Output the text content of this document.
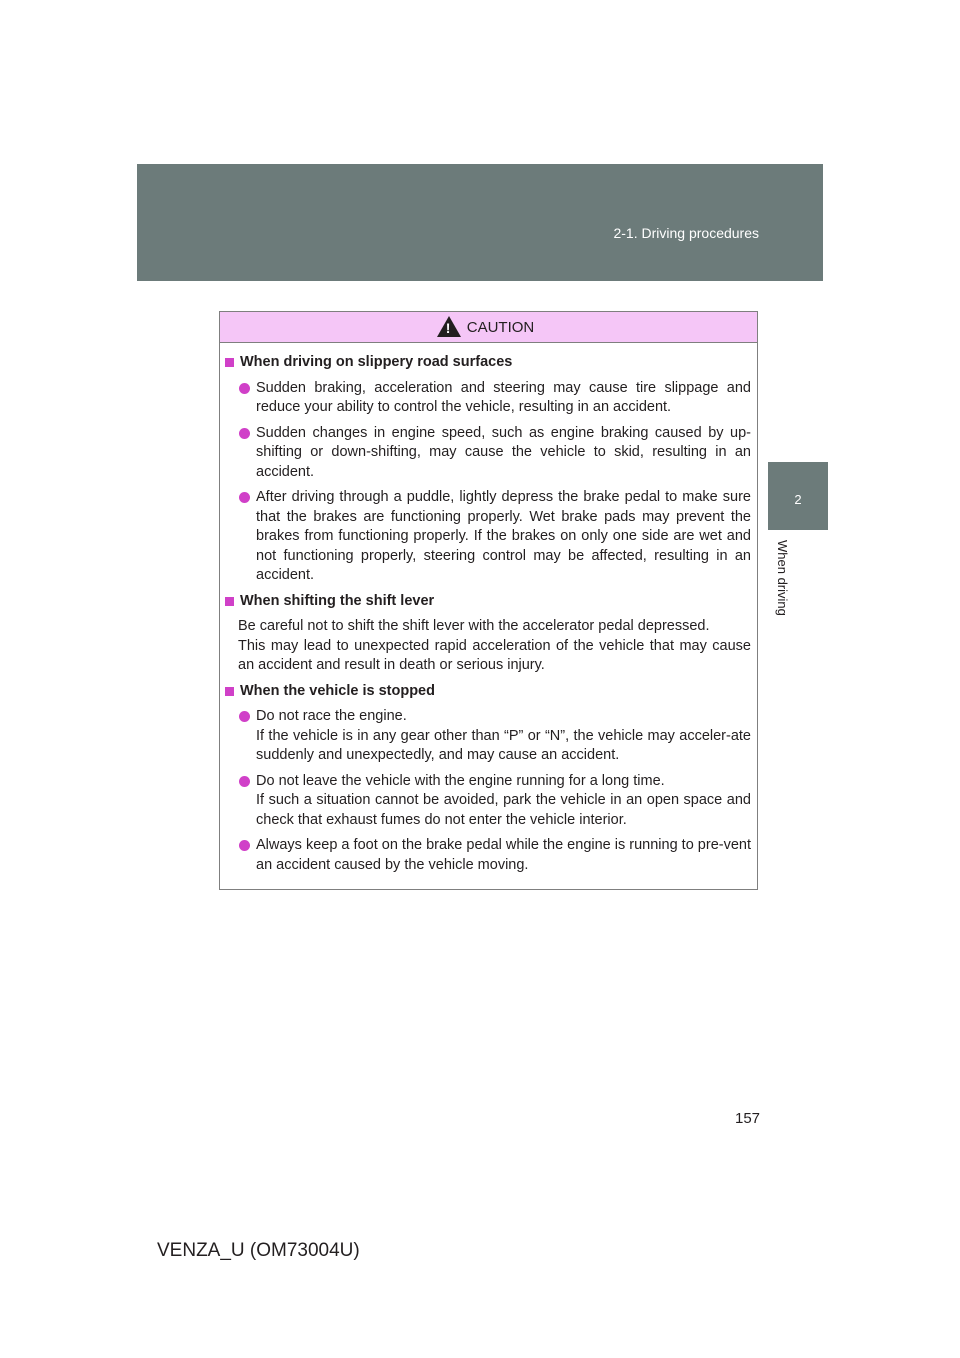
2-1. Driving procedures
2
When driving
!
CAUTION
When driving on slippery road surfaces
Sudden braking, acceleration and steering may cause tire slippage and reduce your ability to control the vehicle, resulting in an accident.
Sudden changes in engine speed, such as engine braking caused by up-shifting or down-shifting, may cause the vehicle to skid, resulting in an accident.
After driving through a puddle, lightly depress the brake pedal to make sure that the brakes are functioning properly. Wet brake pads may prevent the brakes from functioning properly. If the brakes on only one side are wet and not functioning properly, steering control may be affected, resulting in an accident.
When shifting the shift lever
Be careful not to shift the shift lever with the accelerator pedal depressed.
This may lead to unexpected rapid acceleration of the vehicle that may cause an accident and result in death or serious injury.
When the vehicle is stopped
Do not race the engine.
If the vehicle is in any gear other than “P” or “N”, the vehicle may acceler-ate suddenly and unexpectedly, and may cause an accident.
Do not leave the vehicle with the engine running for a long time.
If such a situation cannot be avoided, park the vehicle in an open space and check that exhaust fumes do not enter the vehicle interior.
Always keep a foot on the brake pedal while the engine is running to pre-vent an accident caused by the vehicle moving.
157
VENZA_U (OM73004U)
